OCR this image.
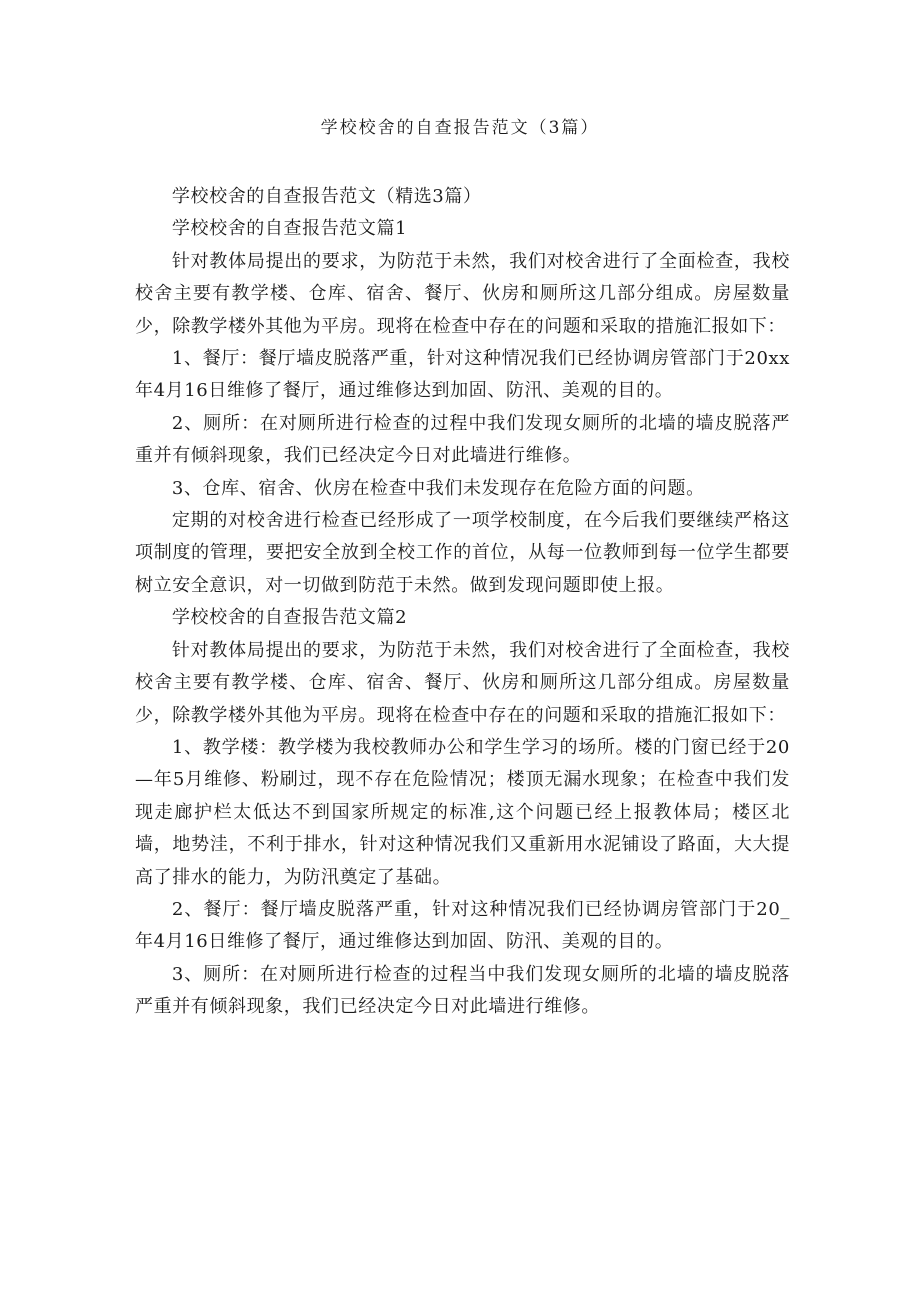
学校校舍的自查报告范文（3篇）

学校校舍的自查报告范文（精选3篇）

学校校舍的自查报告范文篇1

针对教体局提出的要求，为防范于未然，我们对校舍进行了全面检查，我校校舍主要有教学楼、仓库、宿舍、餐厅、伙房和厕所这几部分组成。房屋数量少，除教学楼外其他为平房。现将在检查中存在的问题和采取的措施汇报如下：

1、餐厅：餐厅墙皮脱落严重，针对这种情况我们已经协调房管部门于20xx年4月16日维修了餐厅，通过维修达到加固、防汛、美观的目的。

2、厕所：在对厕所进行检查的过程中我们发现女厕所的北墙的墙皮脱落严重并有倾斜现象，我们已经决定今日对此墙进行维修。

3、仓库、宿舍、伙房在检查中我们未发现存在危险方面的问题。

定期的对校舍进行检查已经形成了一项学校制度，在今后我们要继续严格这项制度的管理，要把安全放到全校工作的首位，从每一位教师到每一位学生都要树立安全意识，对一切做到防范于未然。做到发现问题即使上报。

学校校舍的自查报告范文篇2

针对教体局提出的要求，为防范于未然，我们对校舍进行了全面检查，我校校舍主要有教学楼、仓库、宿舍、餐厅、伙房和厕所这几部分组成。房屋数量少，除教学楼外其他为平房。现将在检查中存在的问题和采取的措施汇报如下：

1、教学楼：教学楼为我校教师办公和学生学习的场所。楼的门窗已经于20—年5月维修、粉刷过，现不存在危险情况；楼顶无漏水现象；在检查中我们发现走廊护栏太低达不到国家所规定的标准,这个问题已经上报教体局；楼区北墙，地势洼，不利于排水，针对这种情况我们又重新用水泥铺设了路面，大大提高了排水的能力，为防汛奠定了基础。

2、餐厅：餐厅墙皮脱落严重，针对这种情况我们已经协调房管部门于20_年4月16日维修了餐厅，通过维修达到加固、防汛、美观的目的。

3、厕所：在对厕所进行检查的过程当中我们发现女厕所的北墙的墙皮脱落严重并有倾斜现象，我们已经决定今日对此墙进行维修。
